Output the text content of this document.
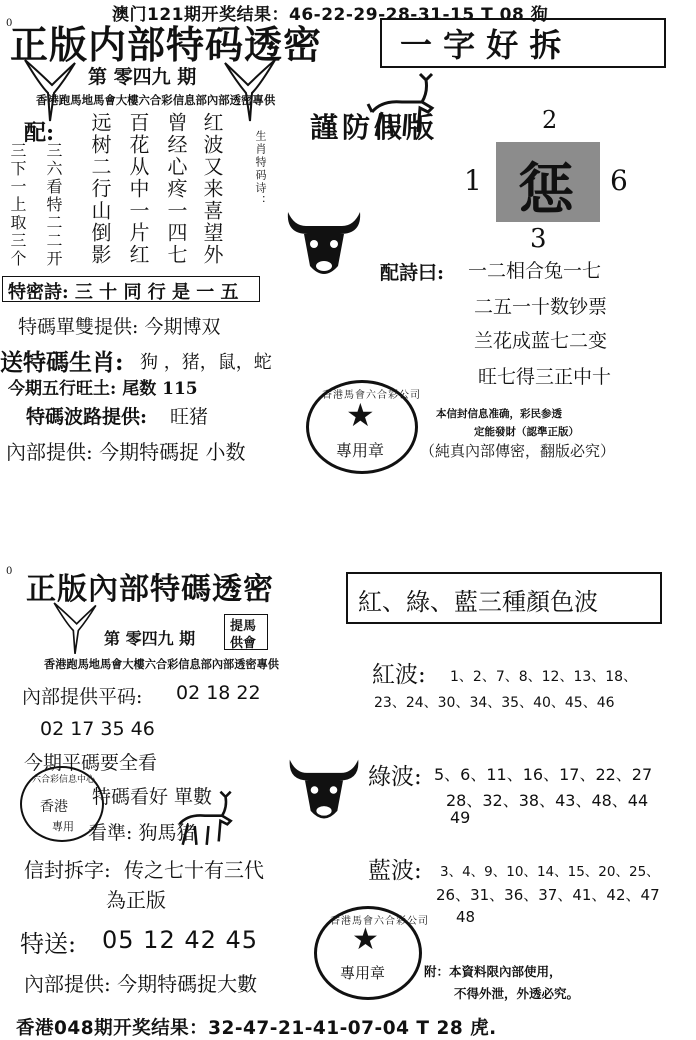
澳门121期开奖结果：46-22-29-28-31-15 T 08 狗
0
正版内部特码透密
第 零四九 期
香港跑馬地馬會大樓六合彩信息部內部透密專供
配:	红波又来喜望外
曾经心疼一四七
百花从中一片红
远树二行山倒影
三六看特二二开
三下一上取三个	生肖特码诗：
特密詩: 三 十 同 行 是 一 五
特碼單雙提供: 今期博双
送特碼生肖: 狗 ，猪，鼠，蛇
今期五行旺土: 尾数 115
特碼波路提供: 旺猪
內部提供: 今期特碼捉 小数
一 字 好 拆
謹防假版	2
惩
1	6
3
配詩曰: 一二相合兔一七
二五一十数钞票
兰花成蓝七二变
旺七得三正中十
香港馬會六合彩公司
★
專用章
本信封信息准确，彩民参透
定能發財（認準正版）
（純真內部傳密，翻版必究）
0
正版內部特碼透密
第 零四九 期
提馬
供會
香港跑馬地馬會大樓六合彩信息部內部透密專供
內部提供平码: 02 18 22
02 17 35 46
今期平碼要全看
六合彩信息中心
香港
專用
特碼看好 單數
看準: 狗馬猪
信封拆字: 传之七十有三代
為正版
特送: 05 12 42 45
內部提供: 今期特碼捉大數
紅、綠、藍三種顏色波
紅波: 1、2、7、8、12、13、18、
23、24、30、34、35、40、45、46
綠波: 5、6、11、16、17、22、27
28、32、38、43、48、44
49
藍波: 3、4、9、10、14、15、20、25、
26、31、36、37、41、42、47
48
香港馬會六合彩公司
★
專用章	附：本資料限內部使用，
不得外泄，外透必究。
香港048期开奖结果：32-47-21-41-07-04 T 28 虎.
